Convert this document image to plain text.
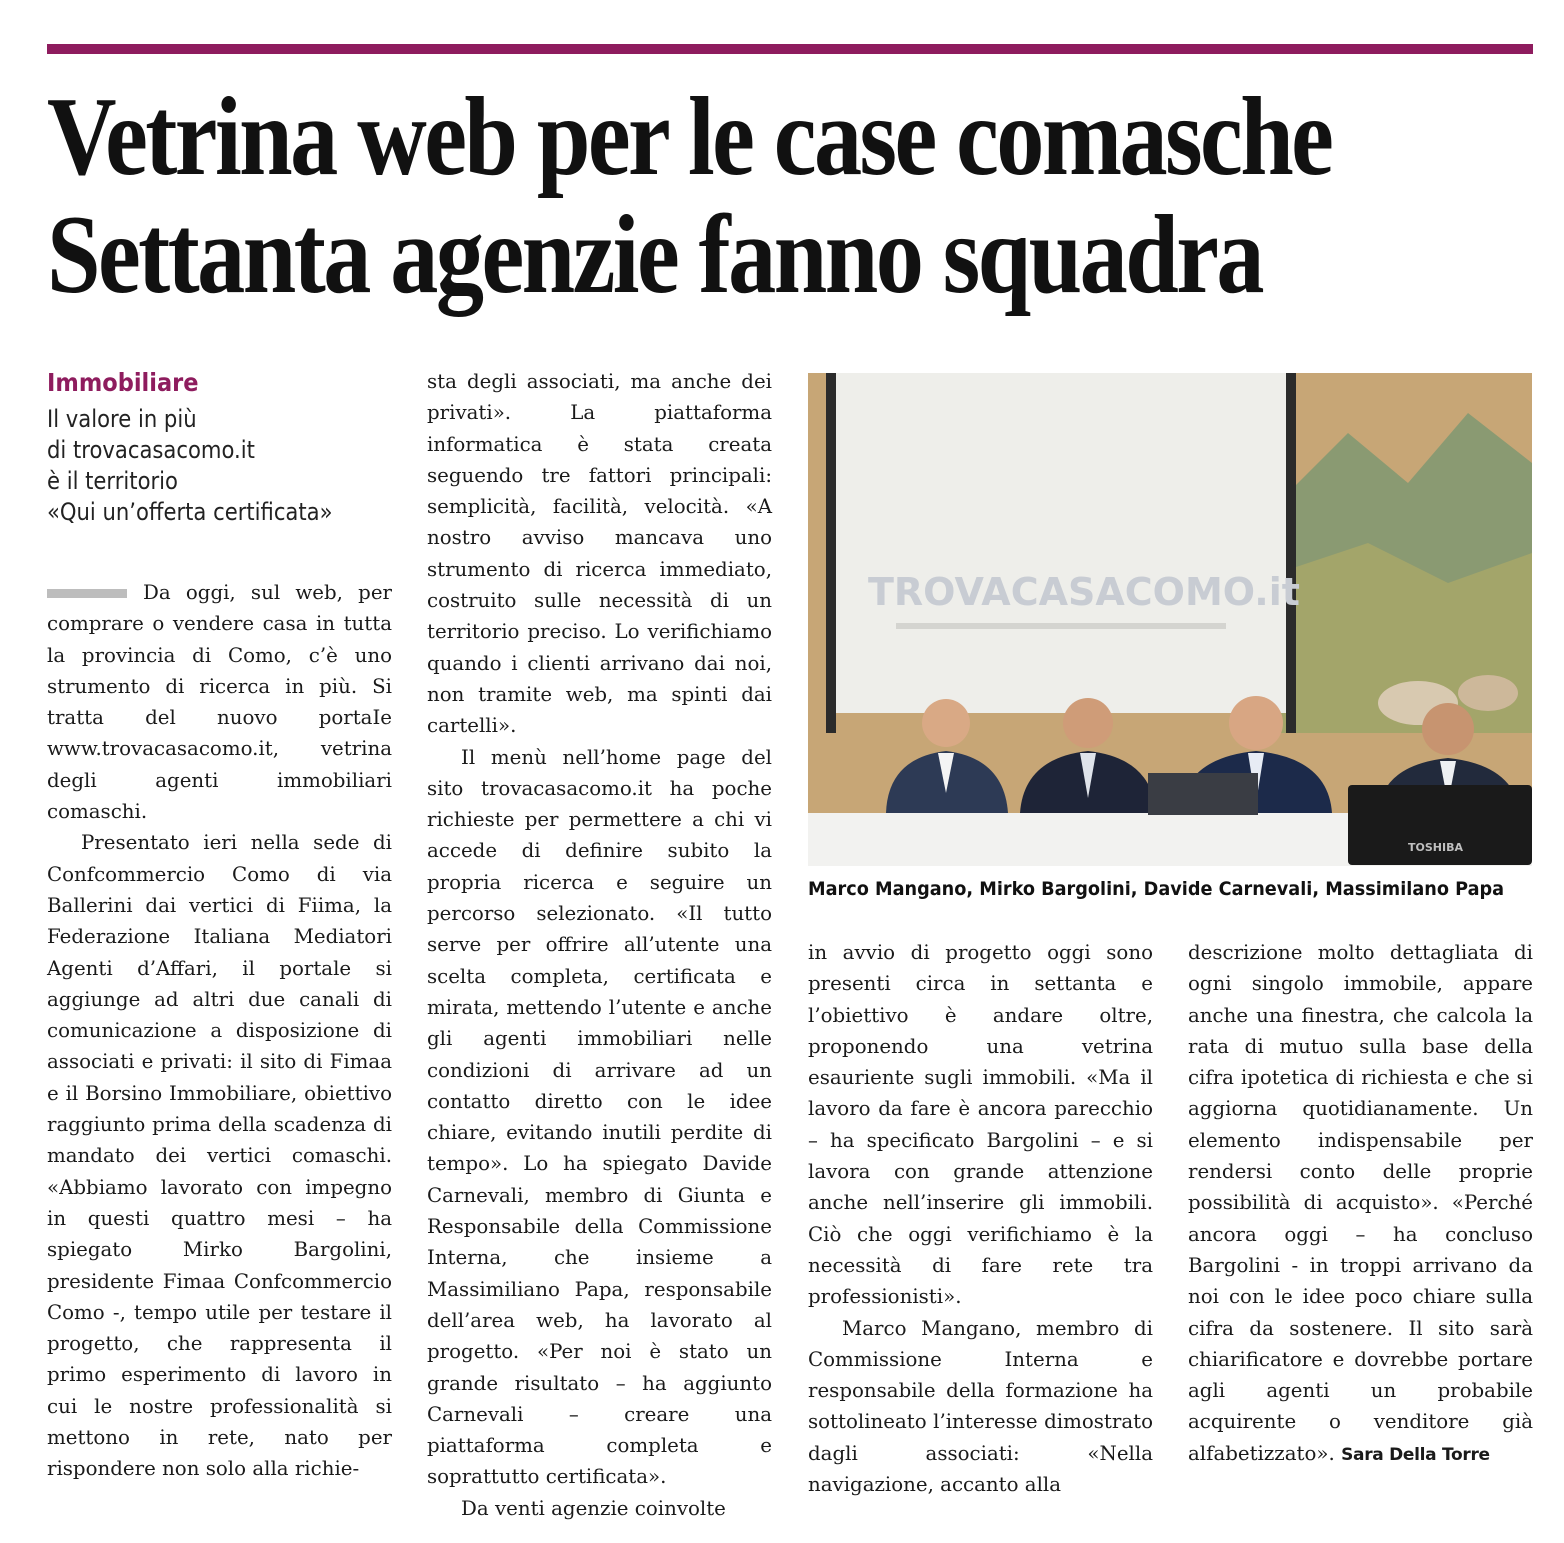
Vetrina web per le case comasche
Settanta agenzie fanno squadra
Immobiliare
Il valore in più
di trovacasacomo.it
è il territorio
«Qui un’offerta certificata»

Da oggi, sul web, per comprare o vendere casa in tutta la provincia di Como, c’è uno strumento di ricerca in più. Si tratta del nuovo portaIe www.trovacasacomo.it, vetrina degli agenti immobiliari comaschi.

Presentato ieri nella sede di Confcommercio Como di via Ballerini dai vertici di Fiima, la Federazione Italiana Mediatori Agenti d’Affari, il portale si aggiunge ad altri due canali di comunicazione a disposizione di associati e privati: il sito di Fimaa e il Borsino Immobiliare, obiettivo raggiunto prima della scadenza di mandato dei vertici comaschi. «Abbiamo lavorato con impegno in questi quattro mesi – ha spiegato Mirko Bargolini, presidente Fimaa Confcommercio Como -, tempo utile per testare il progetto, che rappresenta il primo esperimento di lavoro in cui le nostre professionalità si mettono in rete, nato per rispondere non solo alla richie-

sta degli associati, ma anche dei privati». La piattaforma informatica è stata creata seguendo tre fattori principali: semplicità, facilità, velocità. «A nostro avviso mancava uno strumento di ricerca immediato, costruito sulle necessità di un territorio preciso. Lo verifichiamo quando i clienti arrivano dai noi, non tramite web, ma spinti dai cartelli».

Il menù nell’home page del sito trovacasacomo.it ha poche richieste per permettere a chi vi accede di definire subito la propria ricerca e seguire un percorso selezionato. «Il tutto serve per offrire all’utente una scelta completa, certificata e mirata, mettendo l’utente e anche gli agenti immobiliari nelle condizioni di arrivare ad un contatto diretto con le idee chiare, evitando inutili perdite di tempo». Lo ha spiegato Davide Carnevali, membro di Giunta e Responsabile della Commissione Interna, che insieme a Massimiliano Papa, responsabile dell’area web, ha lavorato al progetto. «Per noi è stato un grande risultato – ha aggiunto Carnevali – creare una piattaforma completa e soprattutto certificata».

Da venti agenzie coinvolte

TROVACASACOMO.it
TOSHIBA
Marco Mangano, Mirko Bargolini, Davide Carnevali, Massimilano Papa

in avvio di progetto oggi sono presenti circa in settanta e l’obiettivo è andare oltre, proponendo una vetrina esauriente sugli immobili. «Ma il lavoro da fare è ancora parecchio – ha specificato Bargolini – e si lavora con grande attenzione anche nell’inserire gli immobili. Ciò che oggi verifichiamo è la necessità di fare rete tra professionisti».

Marco Mangano, membro di Commissione Interna e responsabile della formazione ha sottolineato l’interesse dimostrato dagli associati: «Nella navigazione, accanto alla

descrizione molto dettagliata di ogni singolo immobile, appare anche una finestra, che calcola la rata di mutuo sulla base della cifra ipotetica di richiesta e che si aggiorna quotidianamente. Un elemento indispensabile per rendersi conto delle proprie possibilità di acquisto». «Perché ancora oggi – ha concluso Bargolini - in troppi arrivano da noi con le idee poco chiare sulla cifra da sostenere. Il sito sarà chiarificatore e dovrebbe portare agli agenti un probabile acquirente o venditore già alfabetizzato». Sara Della Torre
